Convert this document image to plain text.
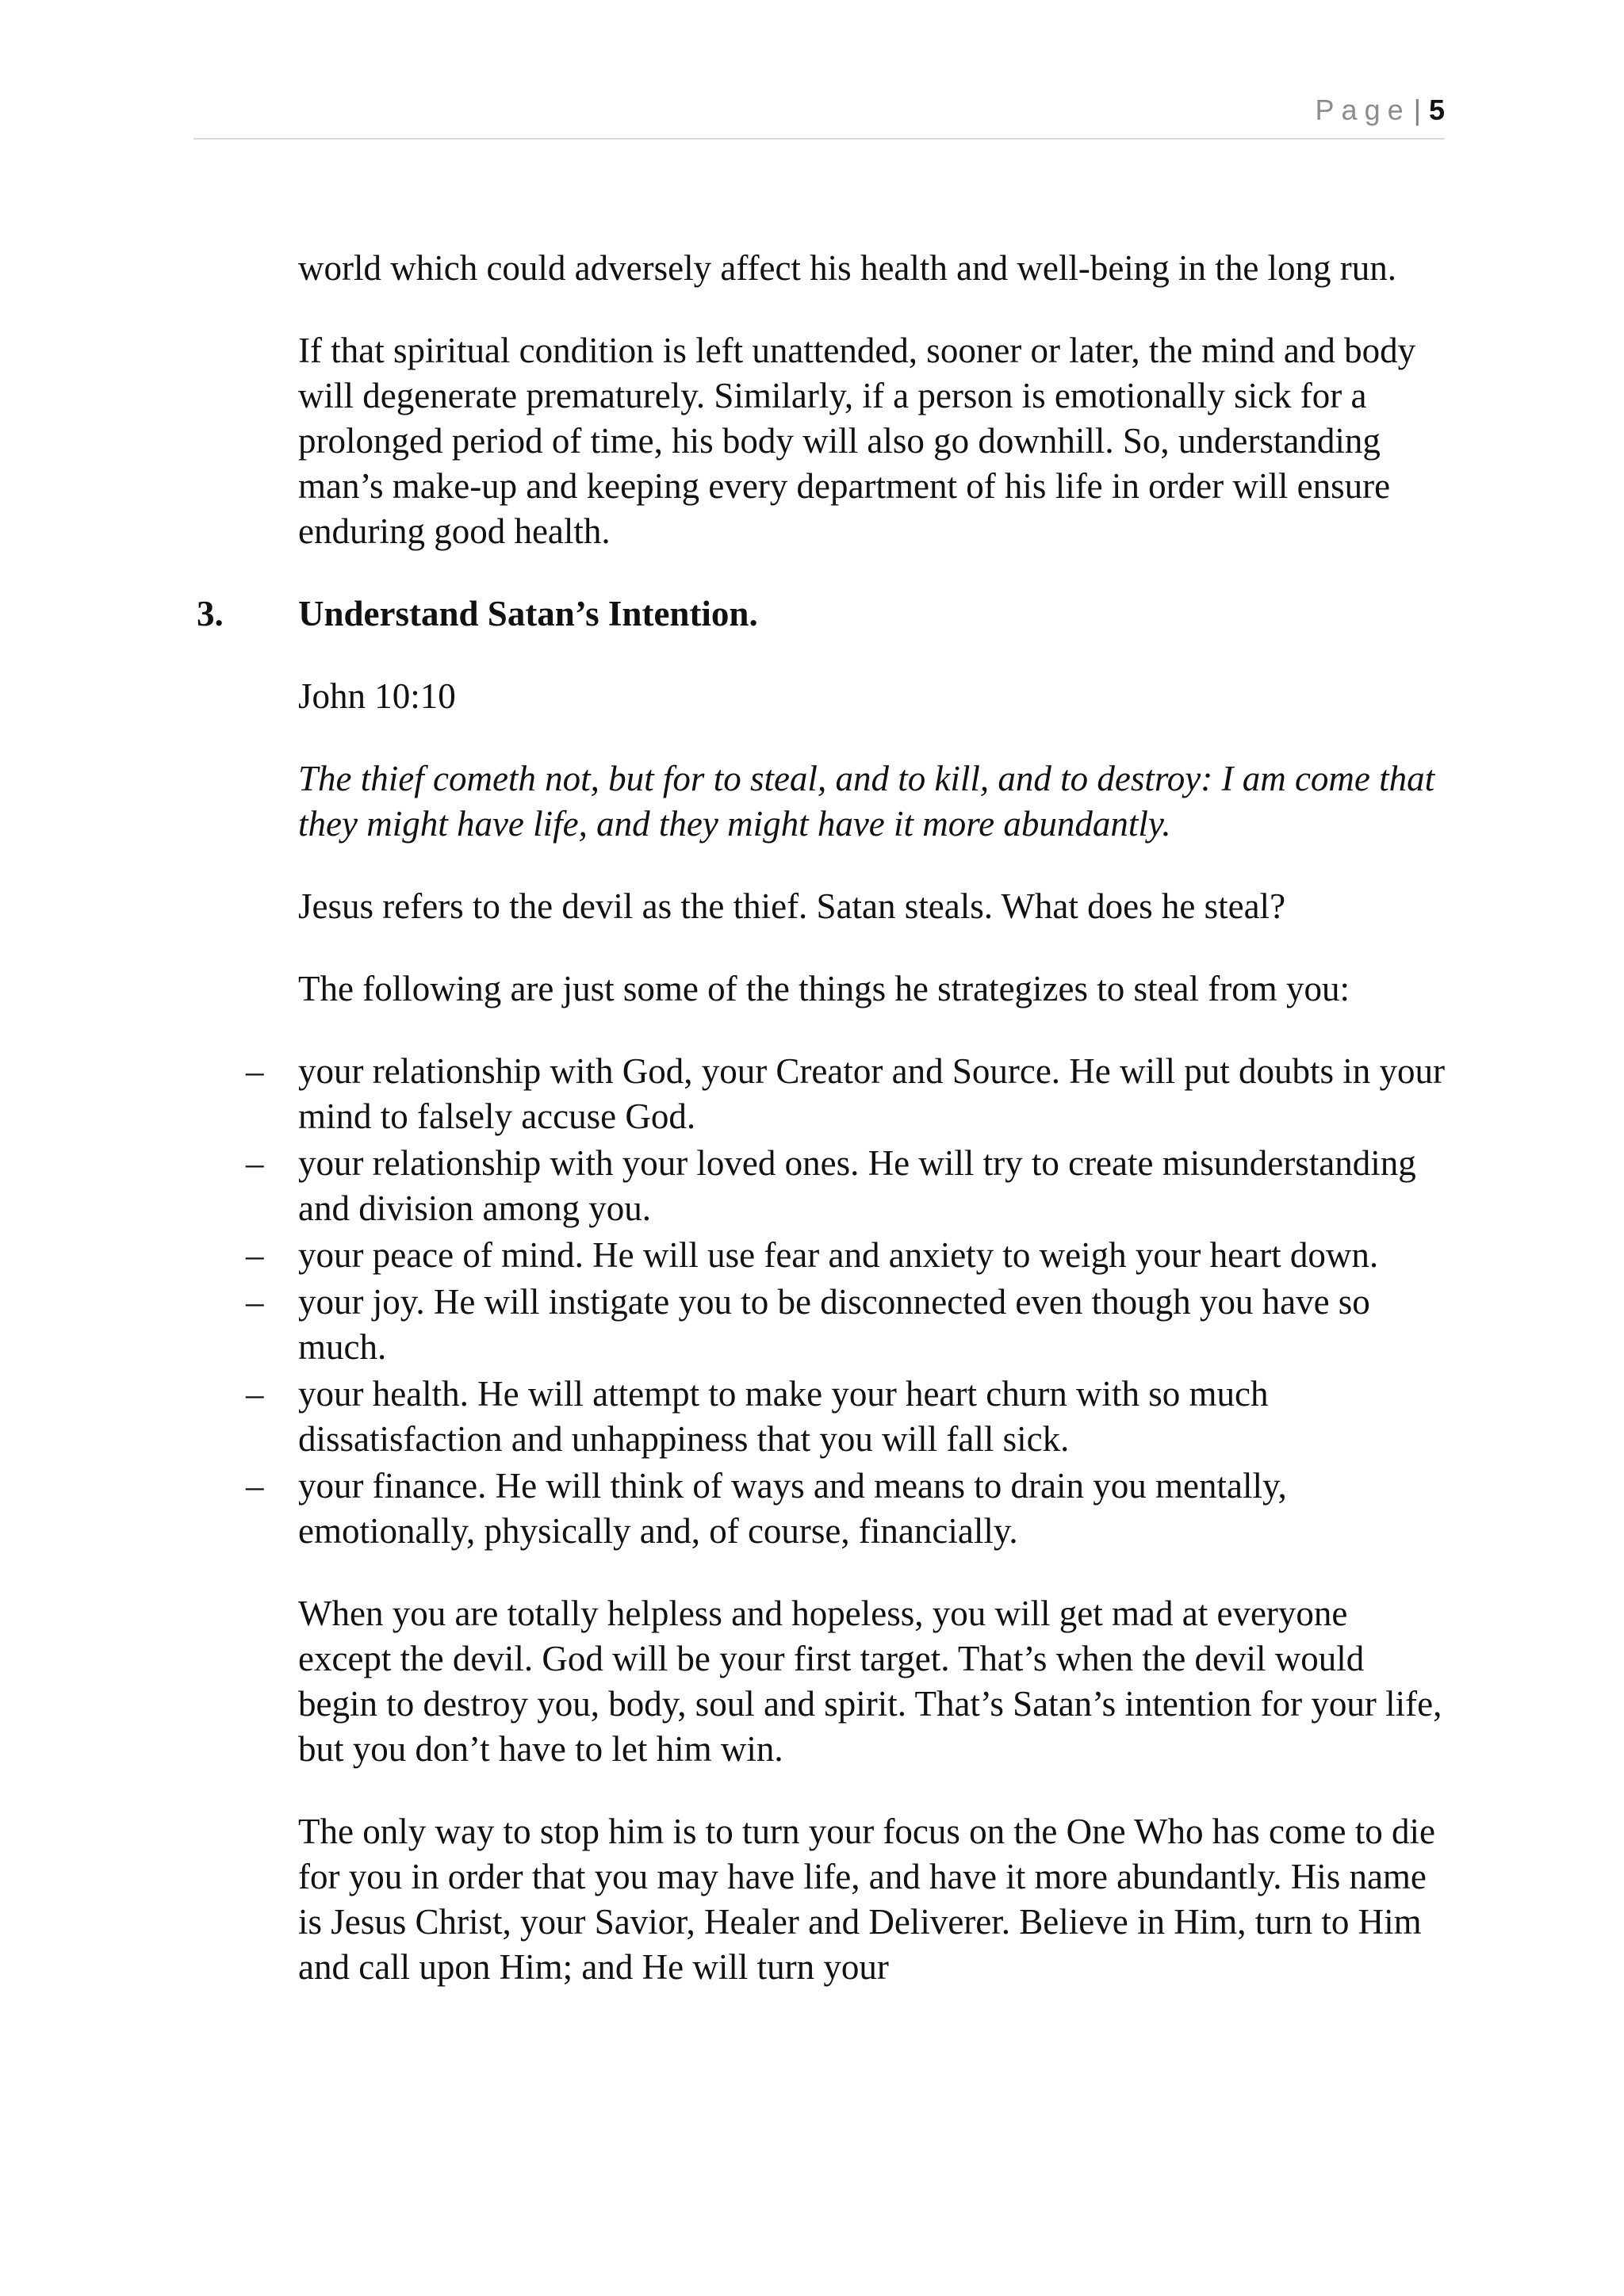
Page | 5

world which could adversely affect his health and well-being in the long run.

If that spiritual condition is left unattended, sooner or later, the mind and body will degenerate prematurely. Similarly, if a person is emotionally sick for a prolonged period of time, his body will also go downhill. So, understanding man’s make-up and keeping every department of his life in order will ensure enduring good health.

3. Understand Satan’s Intention.

John 10:10

The thief cometh not, but for to steal, and to kill, and to destroy: I am come that they might have life, and they might have it more abundantly.

Jesus refers to the devil as the thief. Satan steals. What does he steal?

The following are just some of the things he strategizes to steal from you:

– your relationship with God, your Creator and Source. He will put doubts in your mind to falsely accuse God.
– your relationship with your loved ones. He will try to create misunderstanding and division among you.
– your peace of mind. He will use fear and anxiety to weigh your heart down.
– your joy. He will instigate you to be disconnected even though you have so much.
– your health. He will attempt to make your heart churn with so much dissatisfaction and unhappiness that you will fall sick.
– your finance. He will think of ways and means to drain you mentally, emotionally, physically and, of course, financially.

When you are totally helpless and hopeless, you will get mad at everyone except the devil. God will be your first target. That’s when the devil would begin to destroy you, body, soul and spirit. That’s Satan’s intention for your life, but you don’t have to let him win.

The only way to stop him is to turn your focus on the One Who has come to die for you in order that you may have life, and have it more abundantly. His name is Jesus Christ, your Savior, Healer and Deliverer. Believe in Him, turn to Him and call upon Him; and He will turn your
